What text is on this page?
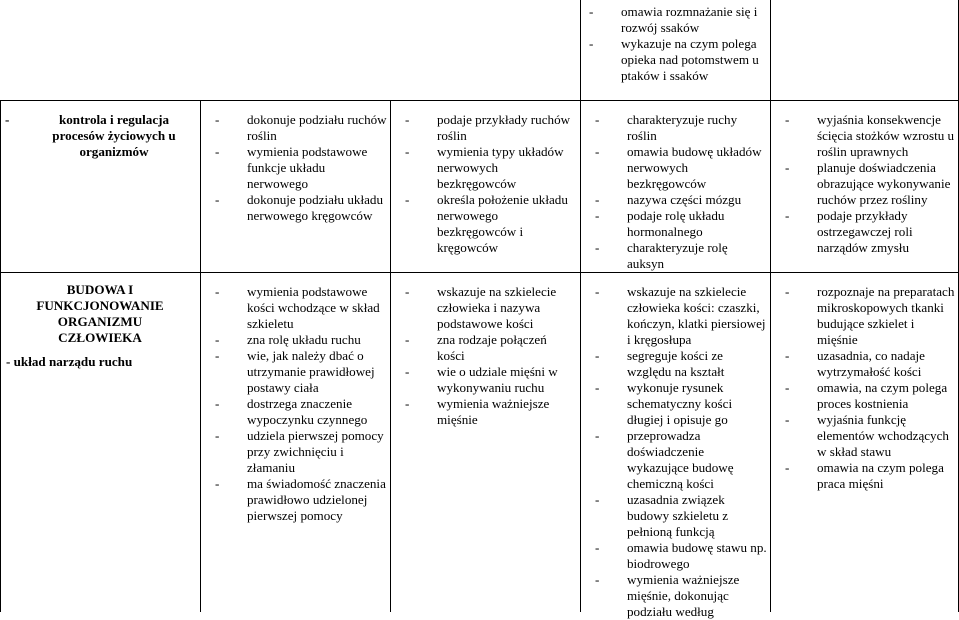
- omawia rozmnażanie się i rozwój ssaków
- wykazuje na czym polega opieka nad potomstwem u ptaków i ssaków
- kontrola i regulacja procesów życiowych u organizmów
- dokonuje podziału ruchów roślin
- wymienia podstawowe funkcje układu nerwowego
- dokonuje podziału układu nerwowego kręgowców
- podaje przykłady ruchów roślin
- wymienia typy układów nerwowych bezkręgowców
- określa położenie układu nerwowego bezkręgowców i kręgowców
- charakteryzuje ruchy roślin
- omawia budowę układów nerwowych bezkręgowców
- nazywa części mózgu
- podaje rolę układu hormonalnego
- charakteryzuje rolę auksyn
- wyjaśnia konsekwencje ścięcia stożków wzrostu u roślin uprawnych
- planuje doświadczenia obrazujące wykonywanie ruchów przez rośliny
- podaje przykłady ostrzegawczej roli narządów zmysłu
BUDOWA I FUNKCJONOWANIE ORGANIZMU CZŁOWIEKA
- układ narządu ruchu
- wymienia podstawowe kości wchodzące w skład szkieletu
- zna rolę układu ruchu
- wie, jak należy dbać o utrzymanie prawidłowej postawy ciała
- dostrzega znaczenie wypoczynku czynnego
- udziela pierwszej pomocy przy zwichnięciu i złamaniu
- ma świadomość znaczenia prawidłowo udzielonej pierwszej pomocy
- wskazuje na szkielecie człowieka i nazywa podstawowe kości
- zna rodzaje połączeń kości
- wie o udziale mięśni w wykonywaniu ruchu
- wymienia ważniejsze mięśnie
- wskazuje na szkielecie człowieka kości: czaszki, kończyn, klatki piersiowej i kręgosłupa
- segreguje kości ze względu na kształt
- wykonuje rysunek schematyczny kości długiej i opisuje go
- przeprowadza doświadczenie wykazujące budowę chemiczną kości
- uzasadnia związek budowy szkieletu z pełnioną funkcją
- omawia budowę stawu np. biodrowego
- wymienia ważniejsze mięśnie, dokonując podziału według
- rozpoznaje na preparatach mikroskopowych tkanki budujące szkielet i mięśnie
- uzasadnia, co nadaje wytrzymałość kości
- omawia, na czym polega proces kostnienia
- wyjaśnia funkcję elementów wchodzących w skład stawu
- omawia na czym polega praca mięśni
